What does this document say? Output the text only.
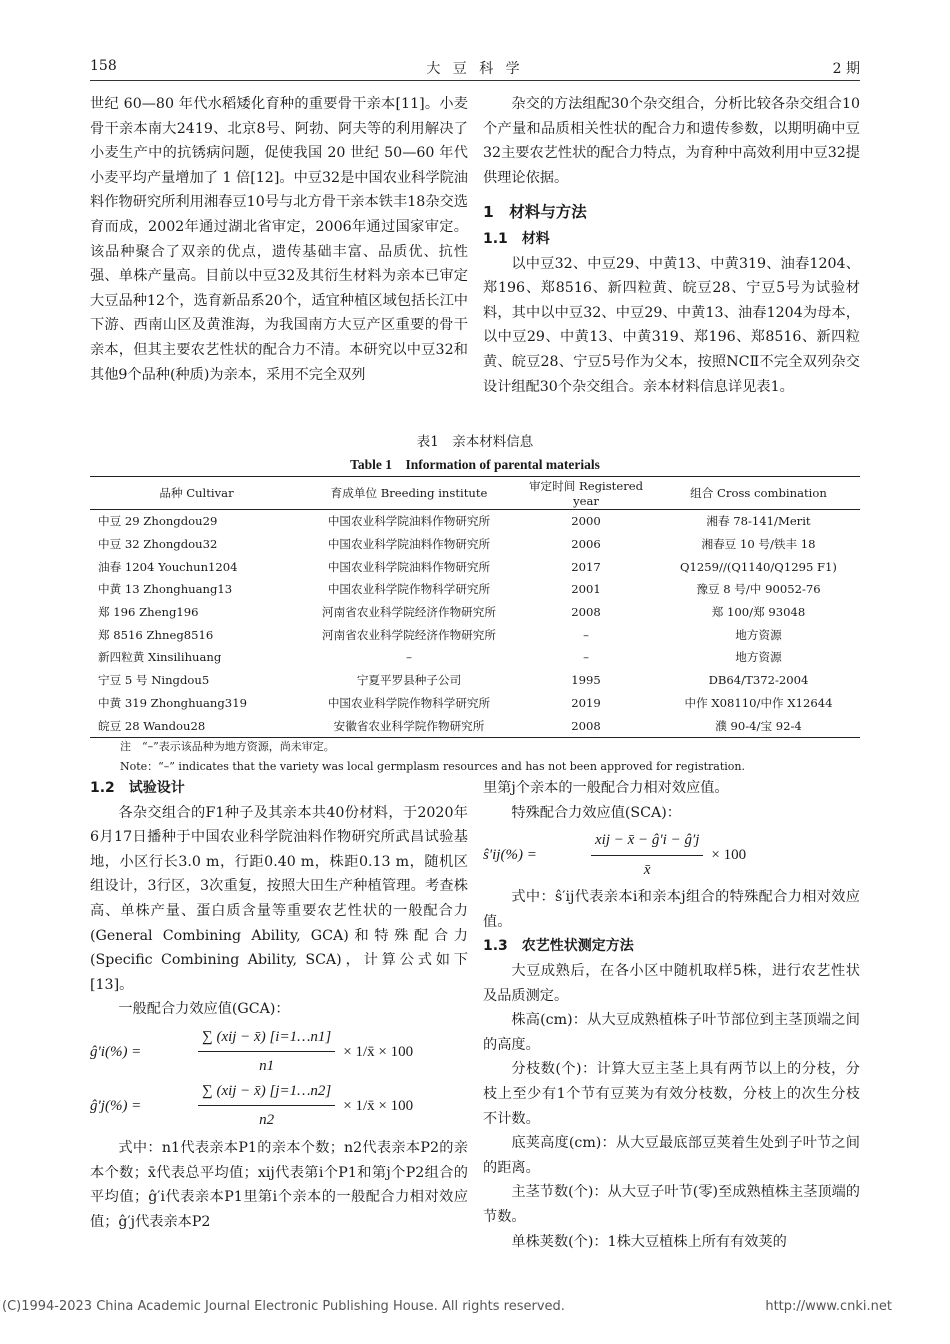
158	大 豆 科 学	2 期

世纪 60—80 年代水稻矮化育种的重要骨干亲本[11]。小麦骨干亲本南大2419、北京8号、阿勃、阿夫等的利用解决了小麦生产中的抗锈病问题，促使我国 20 世纪 50—60 年代小麦平均产量增加了 1 倍[12]。中豆32是中国农业科学院油料作物研究所利用湘春豆10号与北方骨干亲本铁丰18杂交选育而成，2002年通过湖北省审定，2006年通过国家审定。该品种聚合了双亲的优点，遗传基础丰富、品质优、抗性强、单株产量高。目前以中豆32及其衍生材料为亲本已审定大豆品种12个，选育新品系20个，适宜种植区域包括长江中下游、西南山区及黄淮海，为我国南方大豆产区重要的骨干亲本，但其主要农艺性状的配合力不清。本研究以中豆32和其他9个品种(种质)为亲本，采用不完全双列

杂交的方法组配30个杂交组合，分析比较各杂交组合10个产量和品质相关性状的配合力和遗传参数，以期明确中豆32主要农艺性状的配合力特点，为育种中高效利用中豆32提供理论依据。

1　材料与方法

1.1　材料

以中豆32、中豆29、中黄13、中黄319、油春1204、郑196、郑8516、新四粒黄、皖豆28、宁豆5号为试验材料，其中以中豆32、中豆29、中黄13、油春1204为母本，以中豆29、中黄13、中黄319、郑196、郑8516、新四粒黄、皖豆28、宁豆5号作为父本，按照NCⅡ不完全双列杂交设计组配30个杂交组合。亲本材料信息详见表1。

表1　亲本材料信息
Table 1　Information of parental materials
品种 Cultivar	育成单位 Breeding institute	审定时间 Registered year	组合 Cross combination
中豆 29 Zhongdou29	中国农业科学院油料作物研究所	2000	湘春 78-141/Merit
中豆 32 Zhongdou32	中国农业科学院油料作物研究所	2006	湘春豆 10 号/铁丰 18
油春 1204 Youchun1204	中国农业科学院油料作物研究所	2017	Q1259//(Q1140/Q1295 F1)
中黄 13 Zhonghuang13	中国农业科学院作物科学研究所	2001	豫豆 8 号/中 90052-76
郑 196 Zheng196	河南省农业科学院经济作物研究所	2008	郑 100/郑 93048
郑 8516 Zhneg8516	河南省农业科学院经济作物研究所	–	地方资源
新四粒黄 Xinsilihuang	–	–	地方资源
宁豆 5 号 Ningdou5	宁夏平罗县种子公司	1995	DB64/T372-2004
中黄 319 Zhonghuang319	中国农业科学院作物科学研究所	2019	中作 X08110/中作 X12644
皖豆 28 Wandou28	安徽省农业科学院作物研究所	2008	濮 90-4/宝 92-4
注　“–”表示该品种为地方资源，尚未审定。
Note：“–” indicates that the variety was local germplasm resources and has not been approved for registration.

1.2　试验设计

各杂交组合的F1种子及其亲本共40份材料，于2020年6月17日播种于中国农业科学院油料作物研究所武昌试验基地，小区行长3.0 m，行距0.40 m，株距0.13 m，随机区组设计，3行区，3次重复，按照大田生产种植管理。考查株高、单株产量、蛋白质含量等重要农艺性状的一般配合力(General Combining Ability, GCA)和特殊配合力(Specific Combining Ability, SCA)，计算公式如下[13]。

一般配合力效应值(GCA)：

ĝ′i(%) =	$\frac{\text{∑ (xij − x̄) [i=1…n1]}}{n1}$ × 1/x̄ × 100
ĝ′j(%) =	$\frac{\text{∑ (xij − x̄) [j=1…n2]}}{n2}$ × 1/x̄ × 100

式中：n1代表亲本P1的亲本个数；n2代表亲本P2的亲本个数；x̄代表总平均值；xij代表第i个P1和第j个P2组合的平均值；ĝ′i代表亲本P1里第i个亲本的一般配合力相对效应值；ĝ′j代表亲本P2

里第j个亲本的一般配合力相对效应值。

特殊配合力效应值(SCA)：

ŝ′ij(%) =	$\frac{\text{xij − x̄ − ĝ′i − ĝ′j}}{x̄} \times 100$

式中：ŝ′ij代表亲本i和亲本j组合的特殊配合力相对效应值。

1.3　农艺性状测定方法

大豆成熟后，在各小区中随机取样5株，进行农艺性状及品质测定。

株高(cm)：从大豆成熟植株子叶节部位到主茎顶端之间的高度。

分枝数(个)：计算大豆主茎上具有两节以上的分枝，分枝上至少有1个节有豆荚为有效分枝数，分枝上的次生分枝不计数。

底荚高度(cm)：从大豆最底部豆荚着生处到子叶节之间的距离。

主茎节数(个)：从大豆子叶节(零)至成熟植株主茎顶端的节数。

单株荚数(个)：1株大豆植株上所有有效荚的

(C)1994-2023 China Academic Journal Electronic Publishing House. All rights reserved.	http://www.cnki.net
